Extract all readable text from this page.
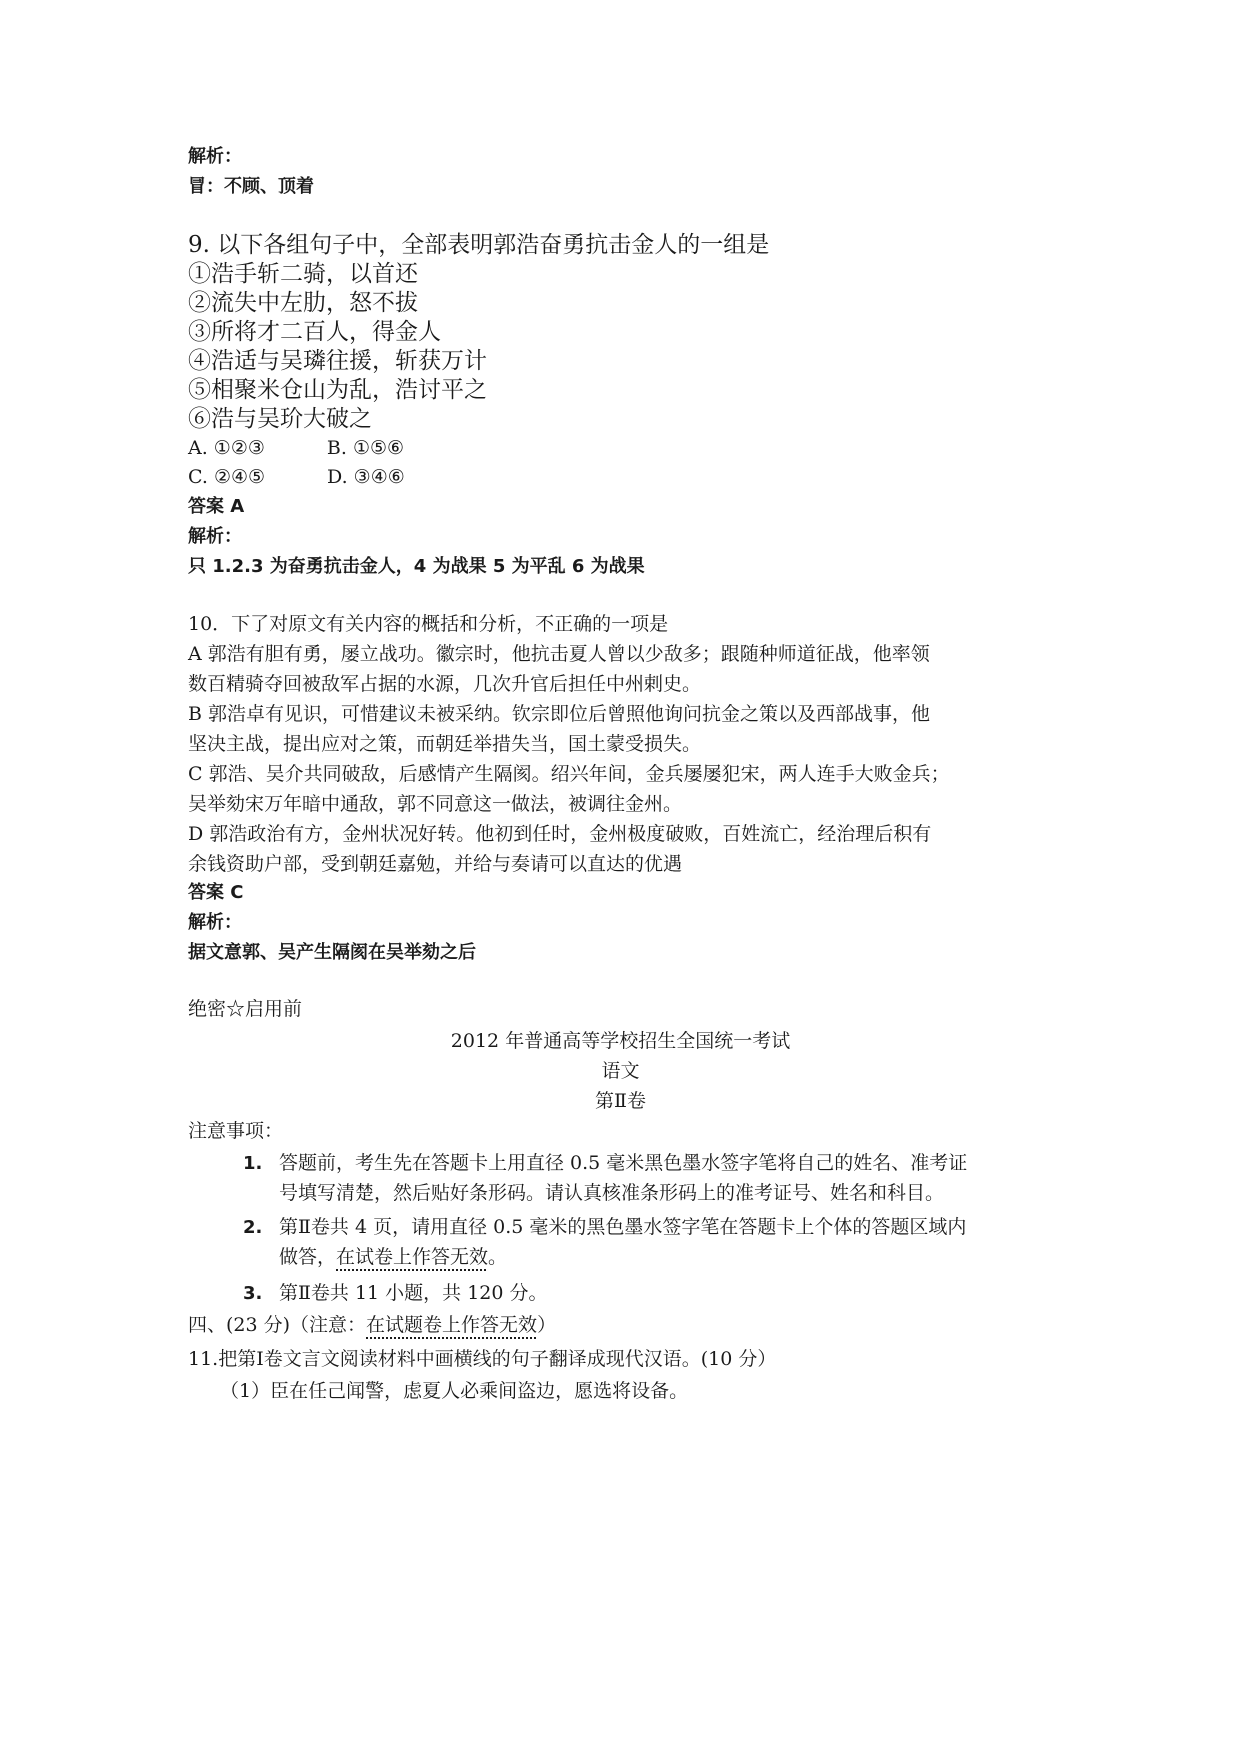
解析：
冒：不顾、顶着
9. 以下各组句子中，全部表明郭浩奋勇抗击金人的一组是
①浩手斩二骑，以首还
②流失中左肋，怒不拔
③所将才二百人，得金人
④浩适与吴璘往援，斩获万计
⑤相聚米仓山为乱，浩讨平之
⑥浩与吴玠大破之
A. ①②③	B. ①⑤⑥
C. ②④⑤	D. ③④⑥
答案 A
解析：
只 1.2.3 为奋勇抗击金人，4 为战果 5 为平乱 6 为战果
10．下了对原文有关内容的概括和分析，不正确的一项是
A 郭浩有胆有勇，屡立战功。徽宗时，他抗击夏人曾以少敌多；跟随种师道征战，他率领
数百精骑夺回被敌军占据的水源，几次升官后担任中州剌史。
B 郭浩卓有见识，可惜建议未被采纳。钦宗即位后曾照他询问抗金之策以及西部战事，他
坚决主战，提出应对之策，而朝廷举措失当，国土蒙受损失。
C 郭浩、吴介共同破敌，后感情产生隔阂。绍兴年间，金兵屡屡犯宋，两人连手大败金兵；
吴举劾宋万年暗中通敌，郭不同意这一做法，被调往金州。
D 郭浩政治有方，金州状况好转。他初到任时，金州极度破败，百姓流亡，经治理后积有
余钱资助户部，受到朝廷嘉勉，并给与奏请可以直达的优遇
答案 C
解析：
据文意郭、吴产生隔阂在吴举劾之后
绝密☆启用前
2012 年普通高等学校招生全国统一考试
语文
第Ⅱ卷
注意事项：
1. 答题前，考生先在答题卡上用直径 0.5 毫米黑色墨水签字笔将自己的姓名、准考证
号填写清楚，然后贴好条形码。请认真核准条形码上的准考证号、姓名和科目。
2. 第Ⅱ卷共 4 页，请用直径 0.5 毫米的黑色墨水签字笔在答题卡上个体的答题区域内
做答，在试卷上作答无效。
3. 第Ⅱ卷共 11 小题，共 120 分。
四、(23 分)（注意：在试题卷上作答无效）
11.把第Ⅰ卷文言文阅读材料中画横线的句子翻译成现代汉语。(10 分）
（1）臣在任己闻警，虑夏人必乘间盗边，愿选将设备。
